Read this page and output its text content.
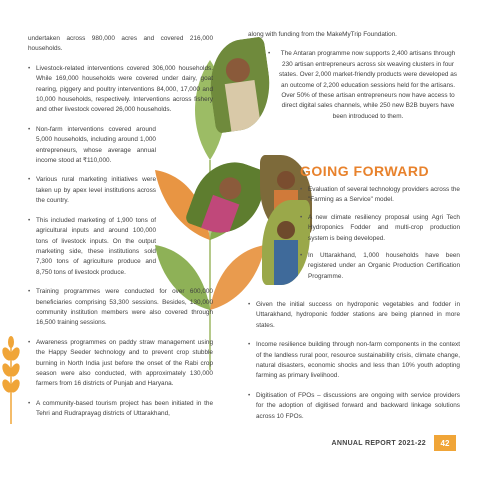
undertaken across 980,000 acres and covered 216,000 households.

• Livestock-related interventions covered 306,000 households. While 169,000 households were covered under dairy, goat rearing, piggery and poultry interventions 84,000, 17,000 and 10,000 households, respectively. Interventions across fishery and other livestock covered 26,000 households.

• Non-farm interventions covered around 5,000 households, including around 1,000 entrepreneurs, whose average annual income stood at ₹110,000.

• Various rural marketing initiatives were taken up by apex level institutions across the country.

• This included marketing of 1,900 tons of agricultural inputs and around 100,000 tons of livestock inputs. On the output marketing side, these institutions sold 7,300 tons of agriculture produce and 8,750 tons of livestock produce.

• Training programmes were conducted for over 600,000 beneficiaries comprising 53,300 sessions. Besides, 130,000 community institution members were also covered through 16,500 training sessions.

• Awareness programmes on paddy straw management using the Happy Seeder technology and to prevent crop stubble burning in North India just before the onset of the Rabi crop season were also conducted, with approximately 130,000 farmers from 16 districts of Punjab and Haryana.

• A community-based tourism project has been initiated in the Tehri and Rudraprayag districts of Uttarakhand,

along with funding from the MakeMyTrip Foundation.

• The Antaran programme now supports 2,400 artisans through 230 artisan entrepreneurs across six weaving clusters in four states. Over 2,000 market-friendly products were developed as an outcome of 2,200 education sessions held for the artisans. Over 50% of these artisan entrepreneurs now have access to direct digital sales channels, while 250 new B2B buyers have been introduced to them.

GOING FORWARD

• Evaluation of several technology providers across the "Farming as a Service" model.

• A new climate resiliency proposal using Agri Tech Hydroponics Fodder and multi-crop production system is being developed.

• In Uttarakhand, 1,000 households have been registered under an Organic Production Certification Programme.

• Given the initial success on hydroponic vegetables and fodder in Uttarakhand, hydroponic fodder stations are being planned in more states.

• Income resilience building through non-farm components in the context of the landless rural poor, resource sustainability crisis, climate change, natural disasters, economic shocks and less than 10% youth adopting farming as primary livelihood.

• Digitisation of FPOs – discussions are ongoing with service providers for the adoption of digitised forward and backward linkage solutions across 10 FPOs.

ANNUAL REPORT 2021-22	42
